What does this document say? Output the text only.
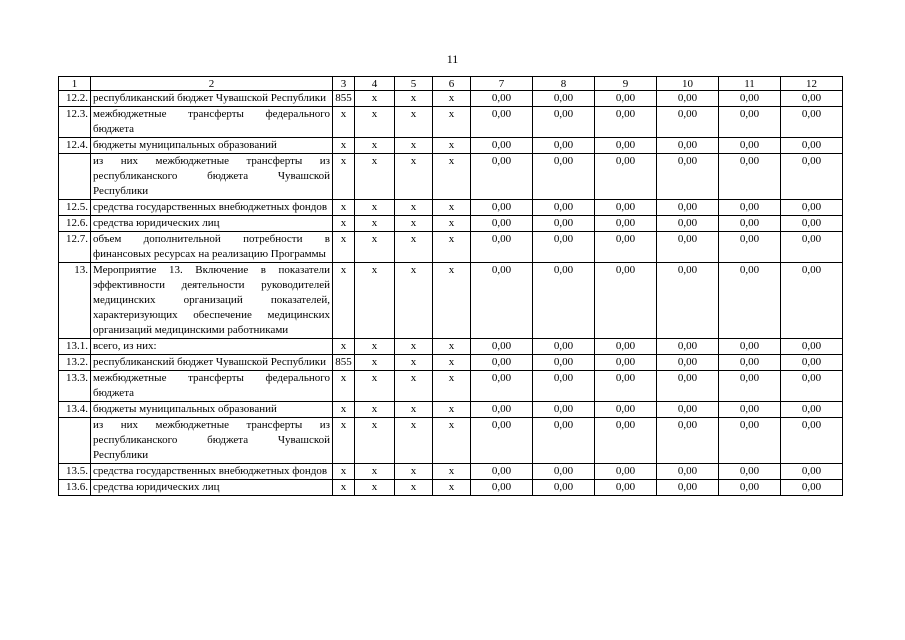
11
1	2	3	4	5	6	7	8	9	10	11	12
12.2.	республиканский бюджет Чувашской Республики	855	x	x	x	0,00	0,00	0,00	0,00	0,00	0,00
12.3.	межбюджетные трансферты федерального бюджета	x	x	x	x	0,00	0,00	0,00	0,00	0,00	0,00
12.4.	бюджеты муниципальных образований	x	x	x	x	0,00	0,00	0,00	0,00	0,00	0,00
	из них межбюджетные трансферты из республиканского бюджета Чувашской Республики	x	x	x	x	0,00	0,00	0,00	0,00	0,00	0,00
12.5.	средства государственных внебюджетных фондов	x	x	x	x	0,00	0,00	0,00	0,00	0,00	0,00
12.6.	средства юридических лиц	x	x	x	x	0,00	0,00	0,00	0,00	0,00	0,00
12.7.	объем дополнительной потребности в финансовых ресурсах на реализацию Программы	x	x	x	x	0,00	0,00	0,00	0,00	0,00	0,00
13.	Мероприятие 13. Включение в показатели эффективности деятельности руководителей медицинских организаций показателей, характеризующих обеспечение медицинских организаций медицинскими работниками	x	x	x	x	0,00	0,00	0,00	0,00	0,00	0,00
13.1.	всего, из них:	x	x	x	x	0,00	0,00	0,00	0,00	0,00	0,00
13.2.	республиканский бюджет Чувашской Республики	855	x	x	x	0,00	0,00	0,00	0,00	0,00	0,00
13.3.	межбюджетные трансферты федерального бюджета	x	x	x	x	0,00	0,00	0,00	0,00	0,00	0,00
13.4.	бюджеты муниципальных образований	x	x	x	x	0,00	0,00	0,00	0,00	0,00	0,00
	из них межбюджетные трансферты из республиканского бюджета Чувашской Республики	x	x	x	x	0,00	0,00	0,00	0,00	0,00	0,00
13.5.	средства государственных внебюджетных фондов	x	x	x	x	0,00	0,00	0,00	0,00	0,00	0,00
13.6.	средства юридических лиц	x	x	x	x	0,00	0,00	0,00	0,00	0,00	0,00
